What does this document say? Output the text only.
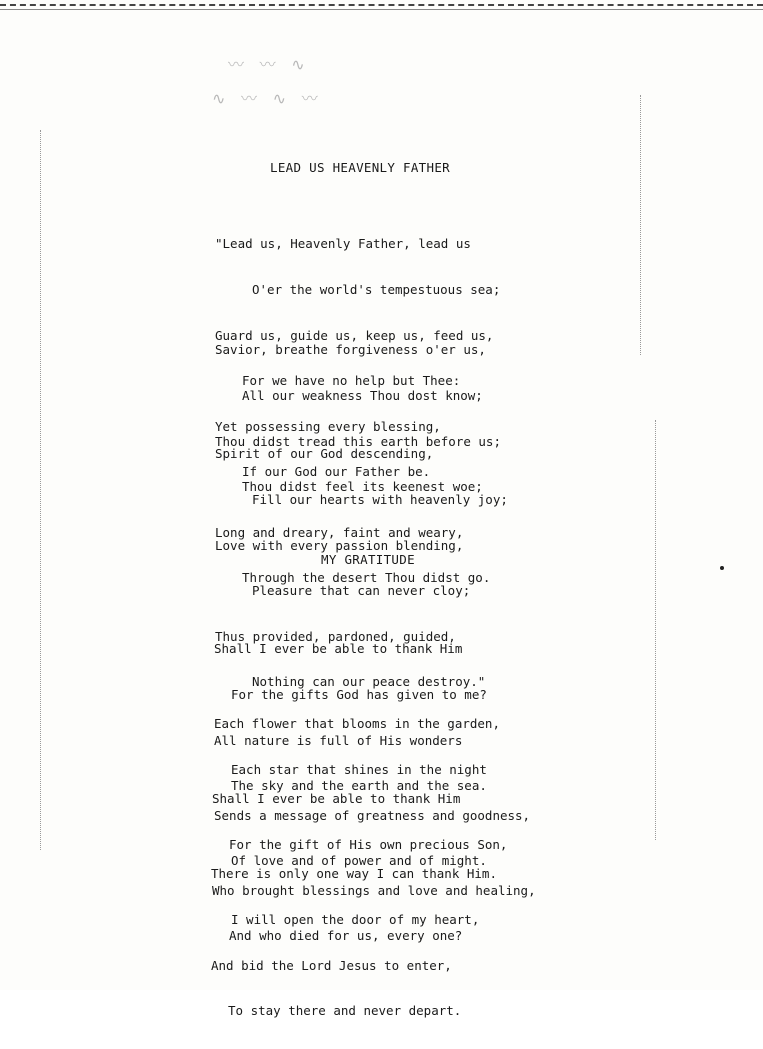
〰 〰 ∿
∿ 〰 ∿ 〰
LEAD US HEAVENLY FATHER

"Lead us, Heavenly Father, lead us

O'er the world's tempestuous sea;

Guard us, guide us, keep us, feed us,

For we have no help but Thee:

Yet possessing every blessing,

If our God our Father be.

Savior, breathe forgiveness o'er us,

All our weakness Thou dost know;

Thou didst tread this earth before us;

Thou didst feel its keenest woe;

Long and dreary, faint and weary,

Through the desert Thou didst go.

Spirit of our God descending,

Fill our hearts with heavenly joy;

Love with every passion blending,

Pleasure that can never cloy;

Thus provided, pardoned, guided,

Nothing can our peace destroy."

MY GRATITUDE

Shall I ever be able to thank Him

For the gifts God has given to me?

All nature is full of His wonders

The sky and the earth and the sea.

Each flower that blooms in the garden,

Each star that shines in the night

Sends a message of greatness and goodness,

Of love and of power and of might.

Shall I ever be able to thank Him

For the gift of His own precious Son,

Who brought blessings and love and healing,

And who died for us, every one?

There is only one way I can thank Him.

I will open the door of my heart,

And bid the Lord Jesus to enter,

To stay there and never depart.
